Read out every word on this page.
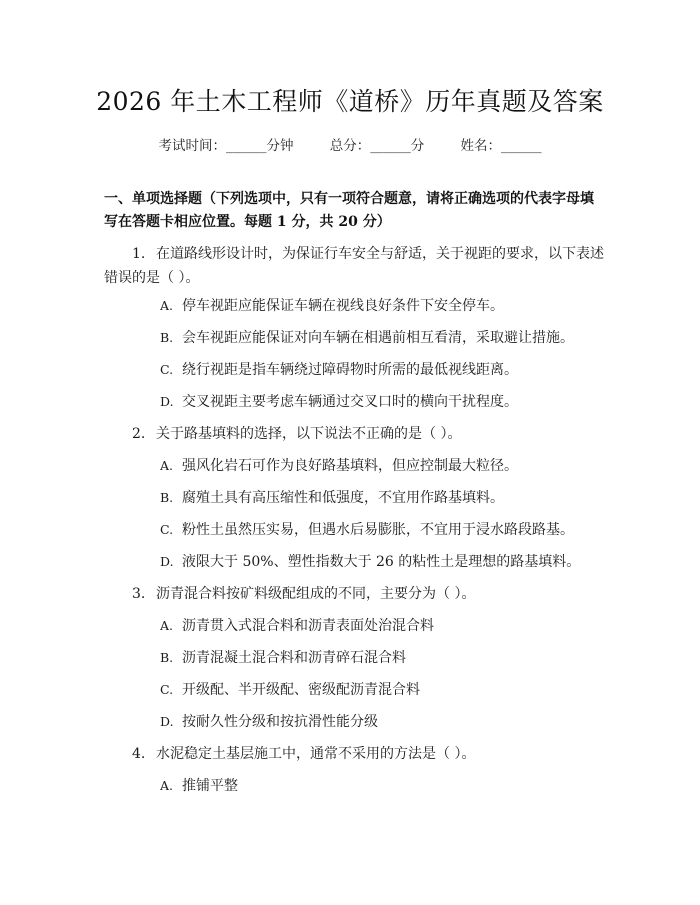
2026 年土木工程师《道桥》历年真题及答案
考试时间：______分钟	总分：______分	姓名：______
一、单项选择题（下列选项中，只有一项符合题意，请将正确选项的代表字母填写在答题卡相应位置。每题 1 分，共 20 分）
1. 在道路线形设计时，为保证行车安全与舒适，关于视距的要求，以下表述错误的是（ ）。
A. 停车视距应能保证车辆在视线良好条件下安全停车。
B. 会车视距应能保证对向车辆在相遇前相互看清，采取避让措施。
C. 绕行视距是指车辆绕过障碍物时所需的最低视线距离。
D. 交叉视距主要考虑车辆通过交叉口时的横向干扰程度。
2. 关于路基填料的选择，以下说法不正确的是（ ）。
A. 强风化岩石可作为良好路基填料，但应控制最大粒径。
B. 腐殖土具有高压缩性和低强度，不宜用作路基填料。
C. 粉性土虽然压实易，但遇水后易膨胀，不宜用于浸水路段路基。
D. 液限大于 50%、塑性指数大于 26 的粘性土是理想的路基填料。
3. 沥青混合料按矿料级配组成的不同，主要分为（ ）。
A. 沥青贯入式混合料和沥青表面处治混合料
B. 沥青混凝土混合料和沥青碎石混合料
C. 开级配、半开级配、密级配沥青混合料
D. 按耐久性分级和按抗滑性能分级
4. 水泥稳定土基层施工中，通常不采用的方法是（ ）。
A. 推铺平整
